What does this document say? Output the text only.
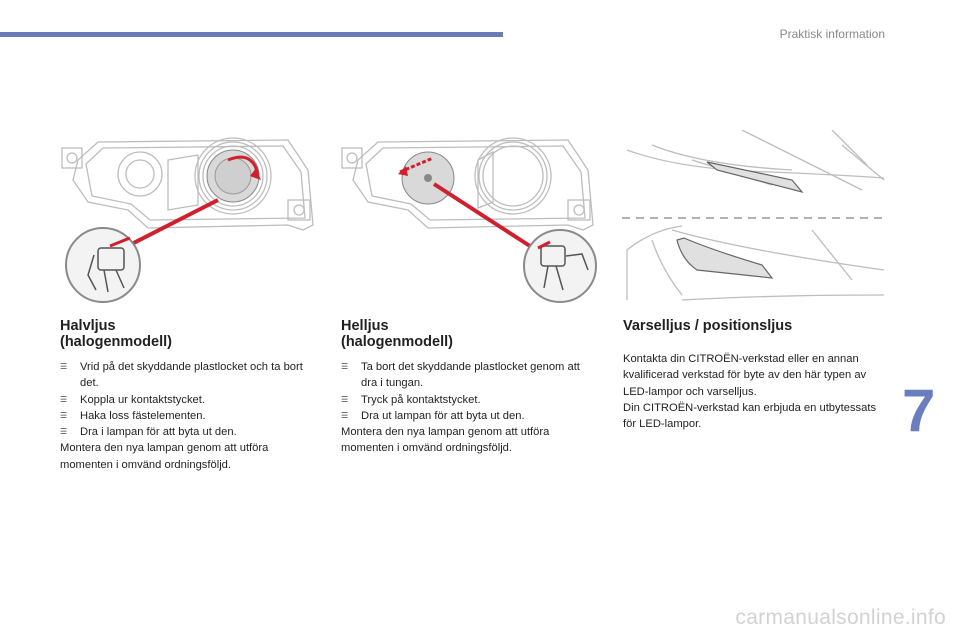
Praktisk information
Halvljus
(halogenmodell)
☰ Vrid på det skyddande plastlocket och ta bort det.
☰ Koppla ur kontaktstycket.
☰ Haka loss fästelementen.
☰ Dra i lampan för att byta ut den.

Montera den nya lampan genom att utföra momenten i omvänd ordningsföljd.

Helljus
(halogenmodell)
☰ Ta bort det skyddande plastlocket genom att dra i tungan.
☰ Tryck på kontaktstycket.
☰ Dra ut lampan för att byta ut den.

Montera den nya lampan genom att utföra momenten i omvänd ordningsföljd.

Varselljus / positionsljus

Kontakta din CITROËN-verkstad eller en annan kvalificerad verkstad för byte av den här typen av LED-lampor och varselljus.

Din CITROËN-verkstad kan erbjuda en utbytessats för LED-lampor.	7
carmanualsonline.info
